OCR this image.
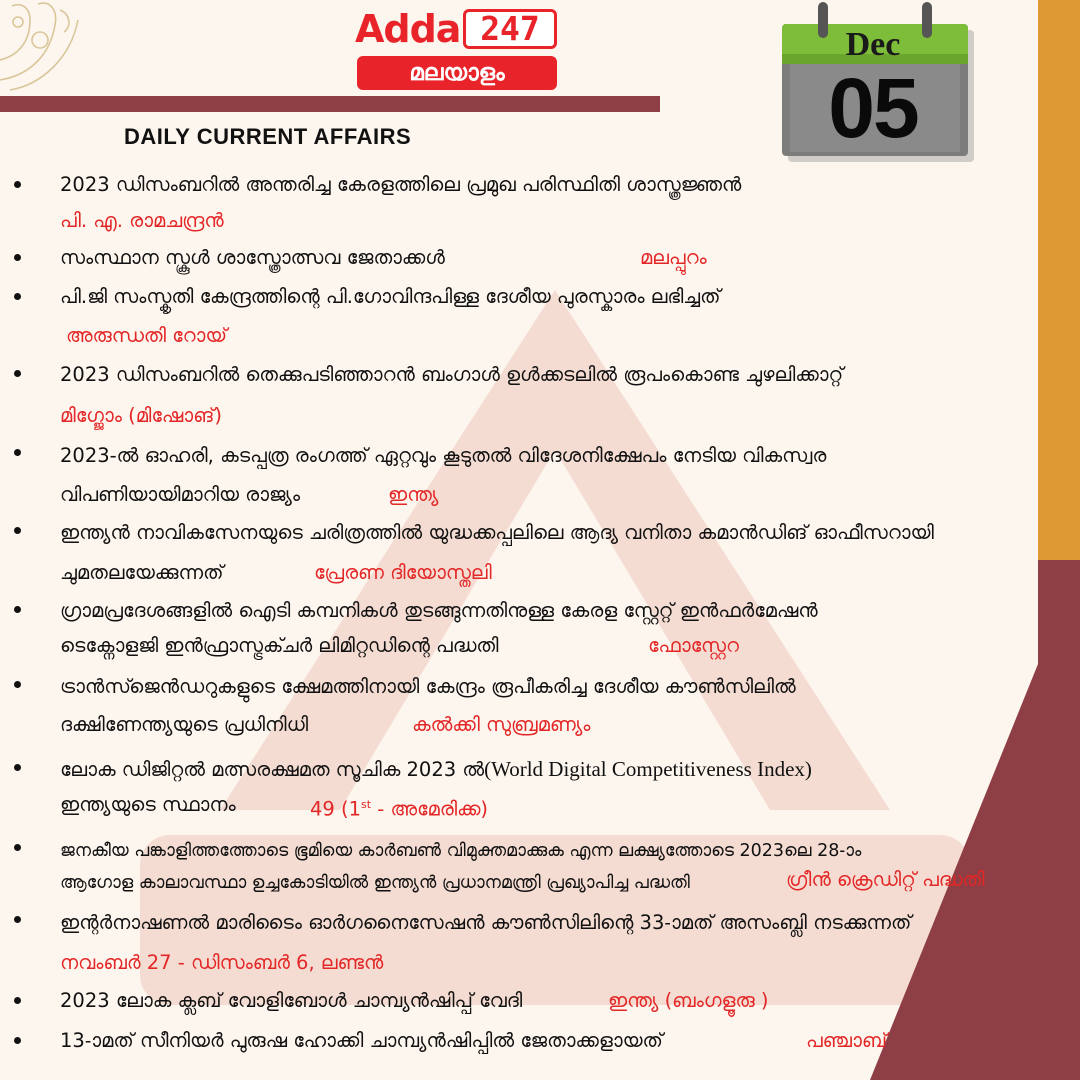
Adda 247
മലയാളം
DAILY CURRENT AFFAIRS
Dec
05
2023 ഡിസംബറിൽ അന്തരിച്ച കേരളത്തിലെ പ്രമുഖ പരിസ്ഥിതി ശാസ്ത്രജ്ഞൻ
പി. എ. രാമചന്ദ്രൻ
സംസ്ഥാന സ്കൂൾ ശാസ്ത്രോത്സവ ജേതാക്കൾ	മലപ്പുറം
പി.ജി സംസ്കൃതി കേന്ദ്രത്തിന്റെ പി.ഗോവിന്ദപിള്ള ദേശീയ പുരസ്കാരം ലഭിച്ചത്
അരുന്ധതി റോയ്
2023 ഡിസംബറിൽ തെക്കുപടിഞ്ഞാറൻ ബംഗാൾ ഉൾക്കടലിൽ രൂപംകൊണ്ട ചുഴലിക്കാറ്റ്
മിഗ്ജോം (മിഷോങ്)
2023-ൽ ഓഹരി, കടപ്പത്ര രംഗത്ത് ഏറ്റവും കൂടുതൽ വിദേശനിക്ഷേപം നേടിയ വികസ്വര
വിപണിയായിമാറിയ രാജ്യം	ഇന്ത്യ
ഇന്ത്യൻ നാവികസേനയുടെ ചരിത്രത്തിൽ യുദ്ധക്കപ്പലിലെ ആദ്യ വനിതാ കമാൻഡിങ് ഓഫീസറായി
ചുമതലയേക്കുന്നത്	പ്രേരണ ദിയോസ്തലി
ഗ്രാമപ്രദേശങ്ങളിൽ ഐടി കമ്പനികൾ തുടങ്ങുന്നതിനുള്ള കേരള സ്റ്റേറ്റ് ഇൻഫർമേഷൻ
ടെക്നോളജി ഇൻഫ്രാസ്ട്രക്ചർ ലിമിറ്റഡിന്റെ പദ്ധതി	ഫോസ്റ്റേറ
ട്രാൻസ്ജെൻഡറുകളുടെ ക്ഷേമത്തിനായി കേന്ദ്രം രൂപീകരിച്ച ദേശീയ കൗൺസിലിൽ
ദക്ഷിണേന്ത്യയുടെ പ്രധിനിധി	കൽക്കി സുബ്രമണ്യം
ലോക ഡിജിറ്റൽ മത്സരക്ഷമത സൂചിക 2023 ൽ(World Digital Competitiveness Index)
ഇന്ത്യയുടെ സ്ഥാനം	49 (1st - അമേരിക്ക)
ജനകീയ പങ്കാളിത്തത്തോടെ ഭൂമിയെ കാർബൺ വിമുക്തമാക്കുക എന്ന ലക്ഷ്യത്തോടെ 2023ലെ 28-ാം
ആഗോള കാലാവസ്ഥാ ഉച്ചകോടിയിൽ ഇന്ത്യൻ പ്രധാനമന്ത്രി പ്രഖ്യാപിച്ച പദ്ധതി	ഗ്രീൻ ക്രെഡിറ്റ് പദ്ധതി
ഇന്റർനാഷണൽ മാരിടൈം ഓർഗനൈസേഷൻ കൗൺസിലിന്റെ 33-ാമത് അസംബ്ലി നടക്കുന്നത്
നവംബർ 27 - ഡിസംബർ 6, ലണ്ടൻ
2023 ലോക ക്ലബ് വോളിബോൾ ചാമ്പ്യൻഷിപ്പ് വേദി	ഇന്ത്യ (ബംഗളൂരു )
13-ാമത് സീനിയർ പുരുഷ ഹോക്കി ചാമ്പ്യൻഷിപ്പിൽ ജേതാക്കളായത്	പഞ്ചാബ്
